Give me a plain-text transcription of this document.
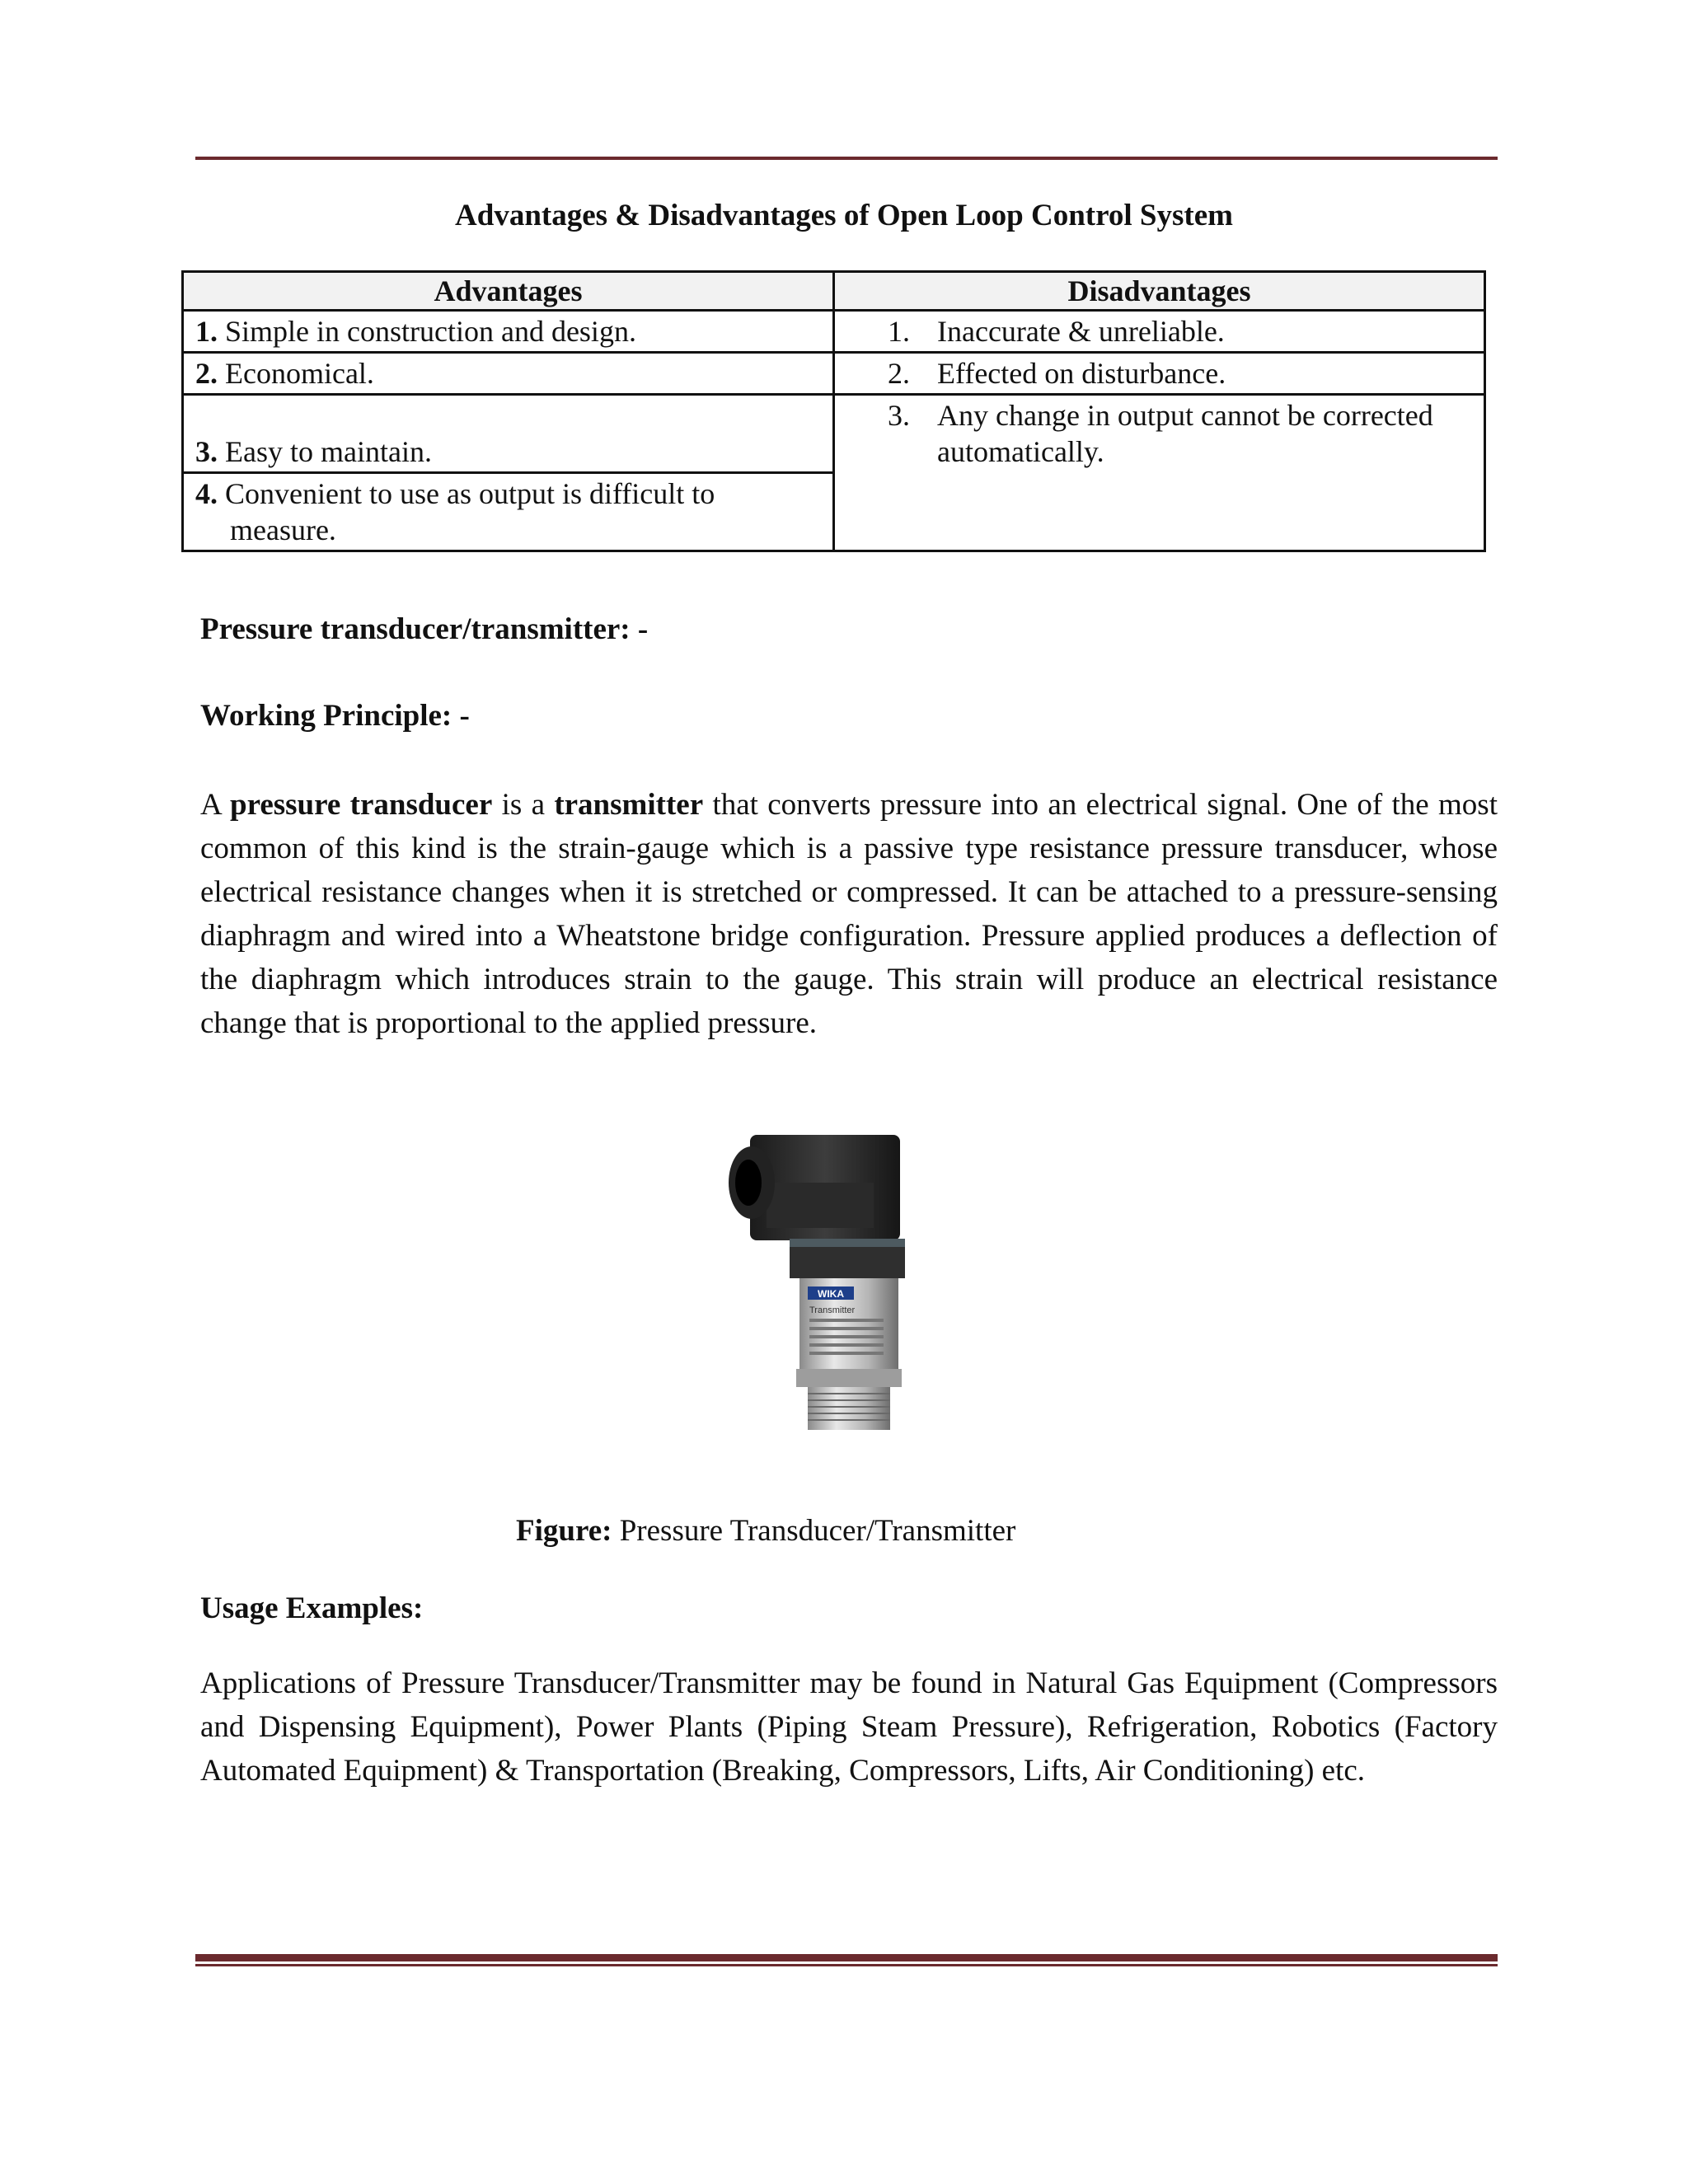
Advantages & Disadvantages of Open Loop Control System
Advantages	Disadvantages
1. Simple in construction and design.	1. Inaccurate & unreliable.

2. Economical.	2. Effected on disturbance.

3. Easy to maintain.	3. Any change in output cannot be corrected automatically.

4. Convenient to use as output is difficult to measure.	
Pressure transducer/transmitter: -
Working Principle: -
A pressure transducer is a transmitter that converts pressure into an electrical signal. One of the most common of this kind is the strain-gauge which is a passive type resistance pressure transducer, whose electrical resistance changes when it is stretched or compressed. It can be attached to a pressure-sensing diaphragm and wired into a Wheatstone bridge configuration. Pressure applied produces a deflection of the diaphragm which introduces strain to the gauge. This strain will produce an electrical resistance change that is proportional to the applied pressure.
WIKA
Transmitter
Figure: Pressure Transducer/Transmitter
Usage Examples:
Applications of Pressure Transducer/Transmitter may be found in Natural Gas Equipment (Compressors and Dispensing Equipment), Power Plants (Piping Steam Pressure), Refrigeration, Robotics (Factory Automated Equipment) & Transportation (Breaking, Compressors, Lifts, Air Conditioning) etc.
